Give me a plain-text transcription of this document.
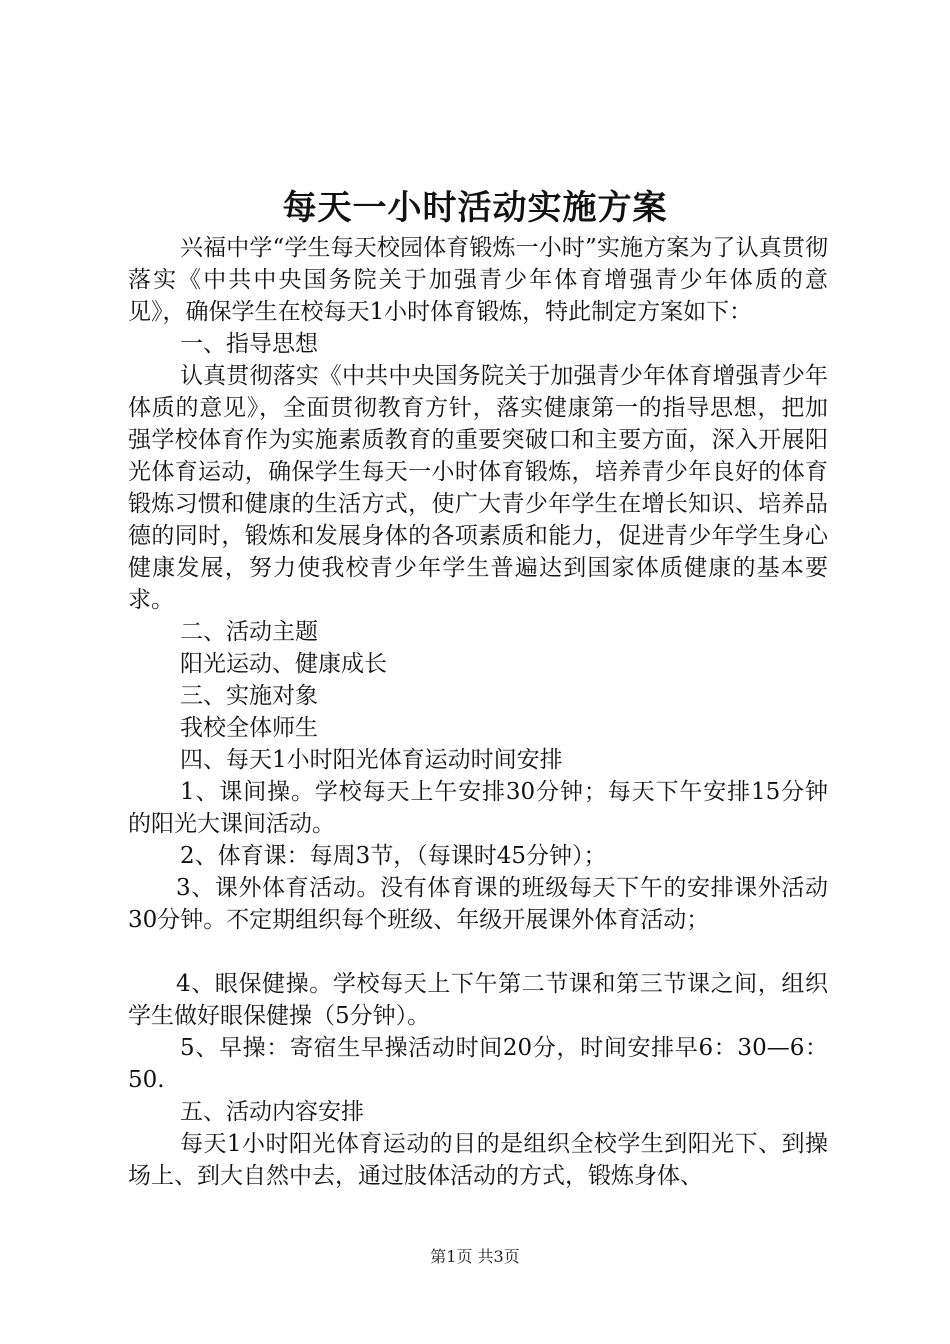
每天一小时活动实施方案

兴福中学“学生每天校园体育锻炼一小时”实施方案为了认真贯彻落实《中共中央国务院关于加强青少年体育增强青少年体质的意见》，确保学生在校每天1小时体育锻炼，特此制定方案如下：

一、指导思想

认真贯彻落实《中共中央国务院关于加强青少年体育增强青少年体质的意见》，全面贯彻教育方针，落实健康第一的指导思想，把加强学校体育作为实施素质教育的重要突破口和主要方面，深入开展阳光体育运动，确保学生每天一小时体育锻炼，培养青少年良好的体育锻炼习惯和健康的生活方式，使广大青少年学生在增长知识、培养品德的同时，锻炼和发展身体的各项素质和能力，促进青少年学生身心健康发展，努力使我校青少年学生普遍达到国家体质健康的基本要求。

二、活动主题

阳光运动、健康成长

三、实施对象

我校全体师生

四、每天1小时阳光体育运动时间安排

1、课间操。学校每天上午安排30分钟；每天下午安排15分钟的阳光大课间活动。

2、体育课：每周3节，（每课时45分钟）；

3、课外体育活动。没有体育课的班级每天下午的安排课外活动30分钟。不定期组织每个班级、年级开展课外体育活动；

4、眼保健操。学校每天上下午第二节课和第三节课之间，组织学生做好眼保健操（5分钟）。

5、早操：寄宿生早操活动时间20分，时间安排早6：30—6：50.

五、活动内容安排

每天1小时阳光体育运动的目的是组织全校学生到阳光下、到操场上、到大自然中去，通过肢体活动的方式，锻炼身体、

第1页 共3页
